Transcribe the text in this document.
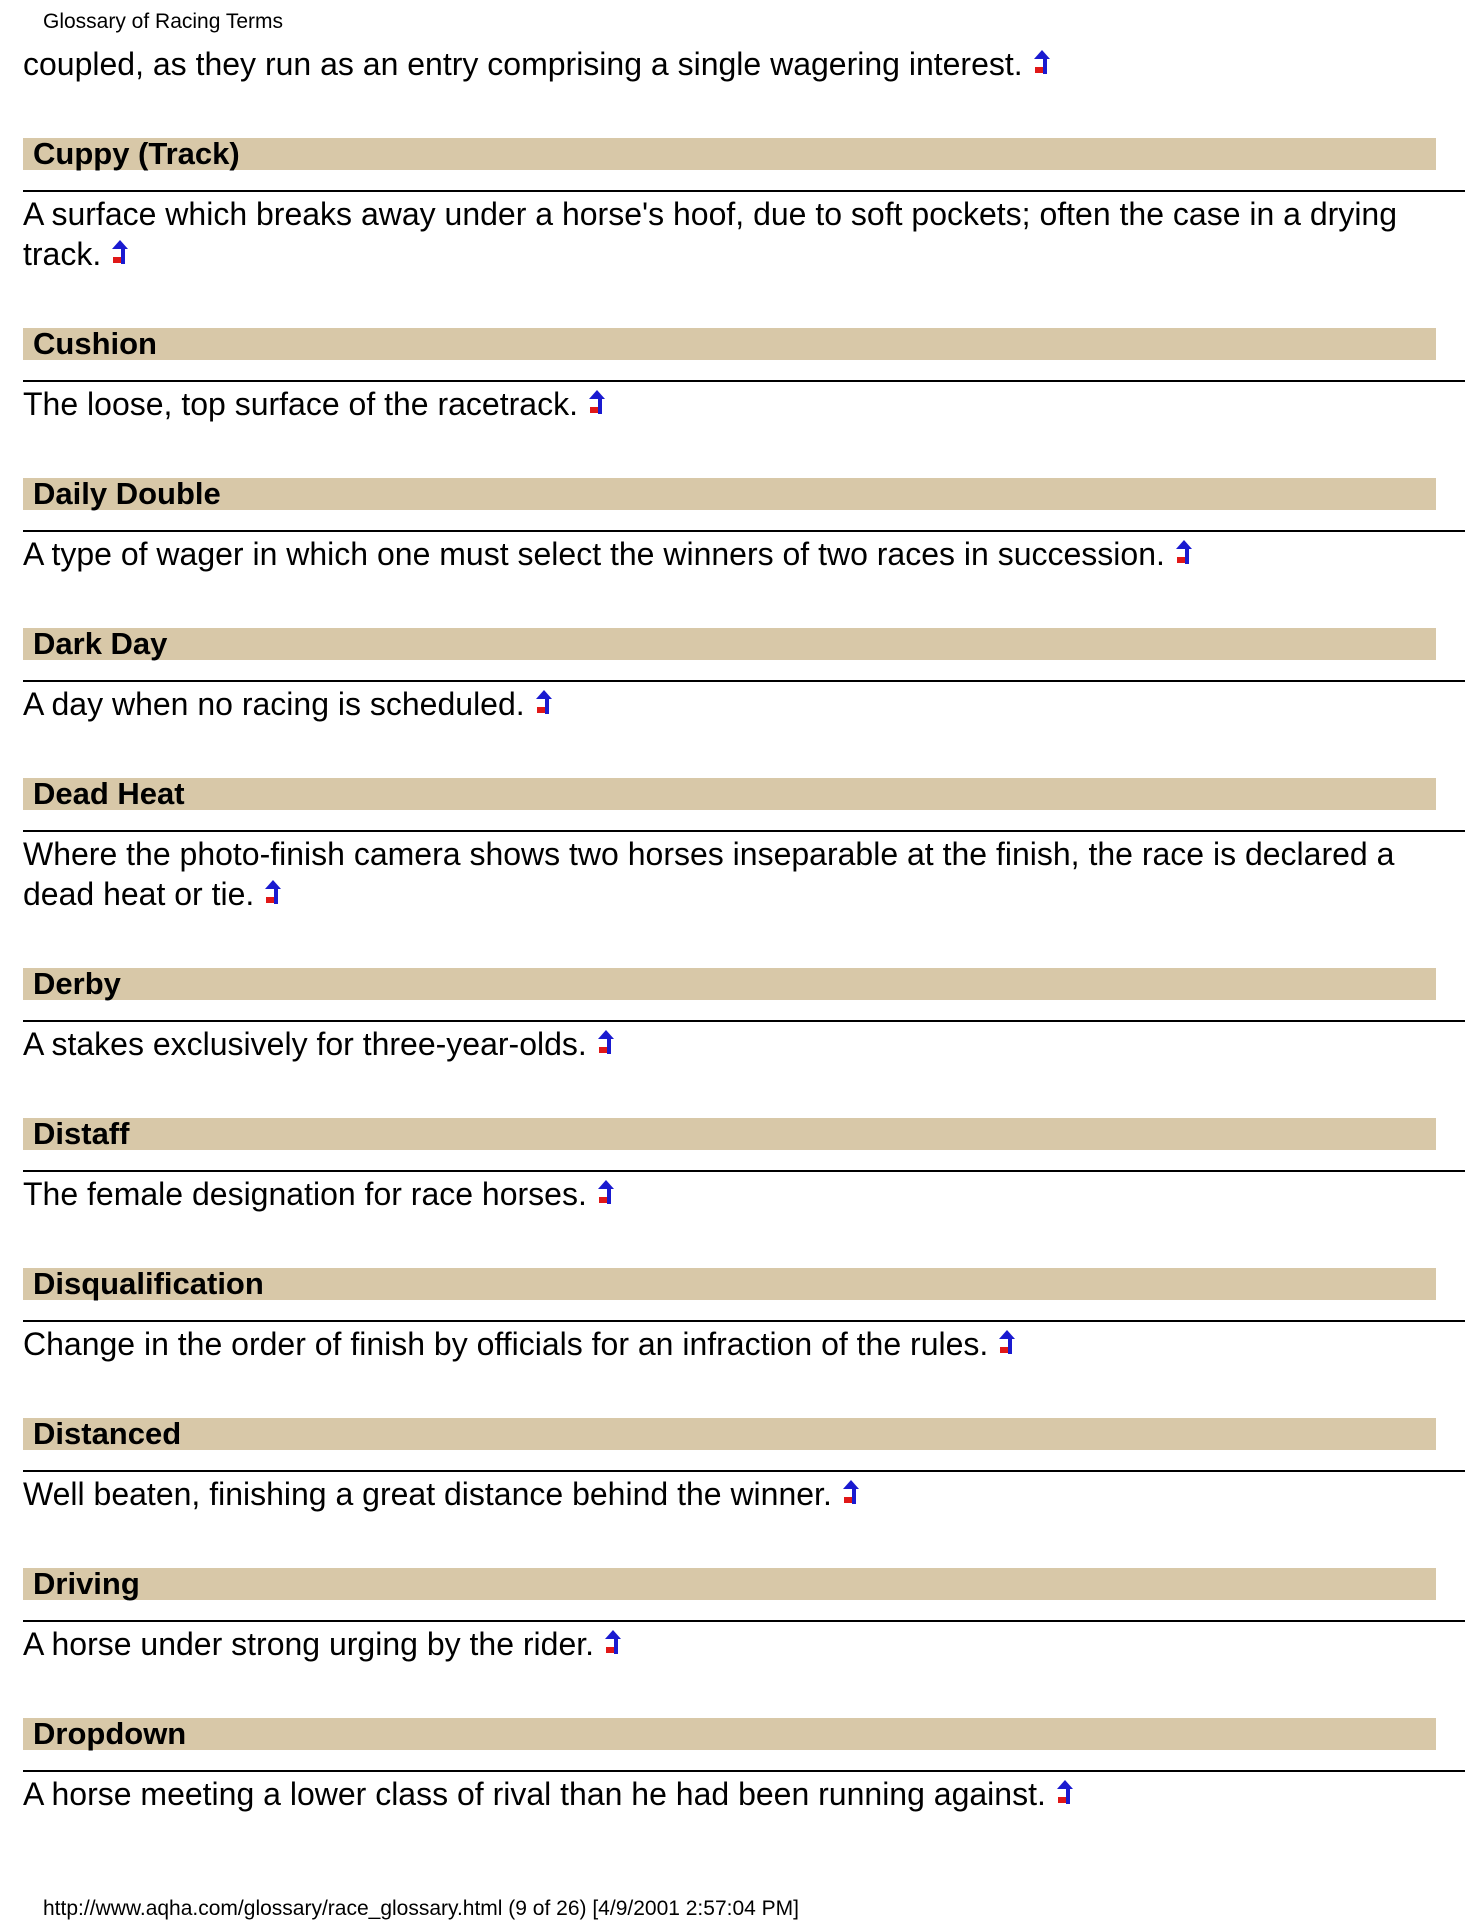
Glossary of Racing Terms

coupled, as they run as an entry comprising a single wagering interest.

Cuppy (Track)

A surface which breaks away under a horse's hoof, due to soft pockets; often the case in a drying track.

Cushion

The loose, top surface of the racetrack.

Daily Double

A type of wager in which one must select the winners of two races in succession.

Dark Day

A day when no racing is scheduled.

Dead Heat

Where the photo-finish camera shows two horses inseparable at the finish, the race is declared a dead heat or tie.

Derby

A stakes exclusively for three-year-olds.

Distaff

The female designation for race horses.

Disqualification

Change in the order of finish by officials for an infraction of the rules.

Distanced

Well beaten, finishing a great distance behind the winner.

Driving

A horse under strong urging by the rider.

Dropdown

A horse meeting a lower class of rival than he had been running against.

http://www.aqha.com/glossary/race_glossary.html (9 of 26) [4/9/2001 2:57:04 PM]
